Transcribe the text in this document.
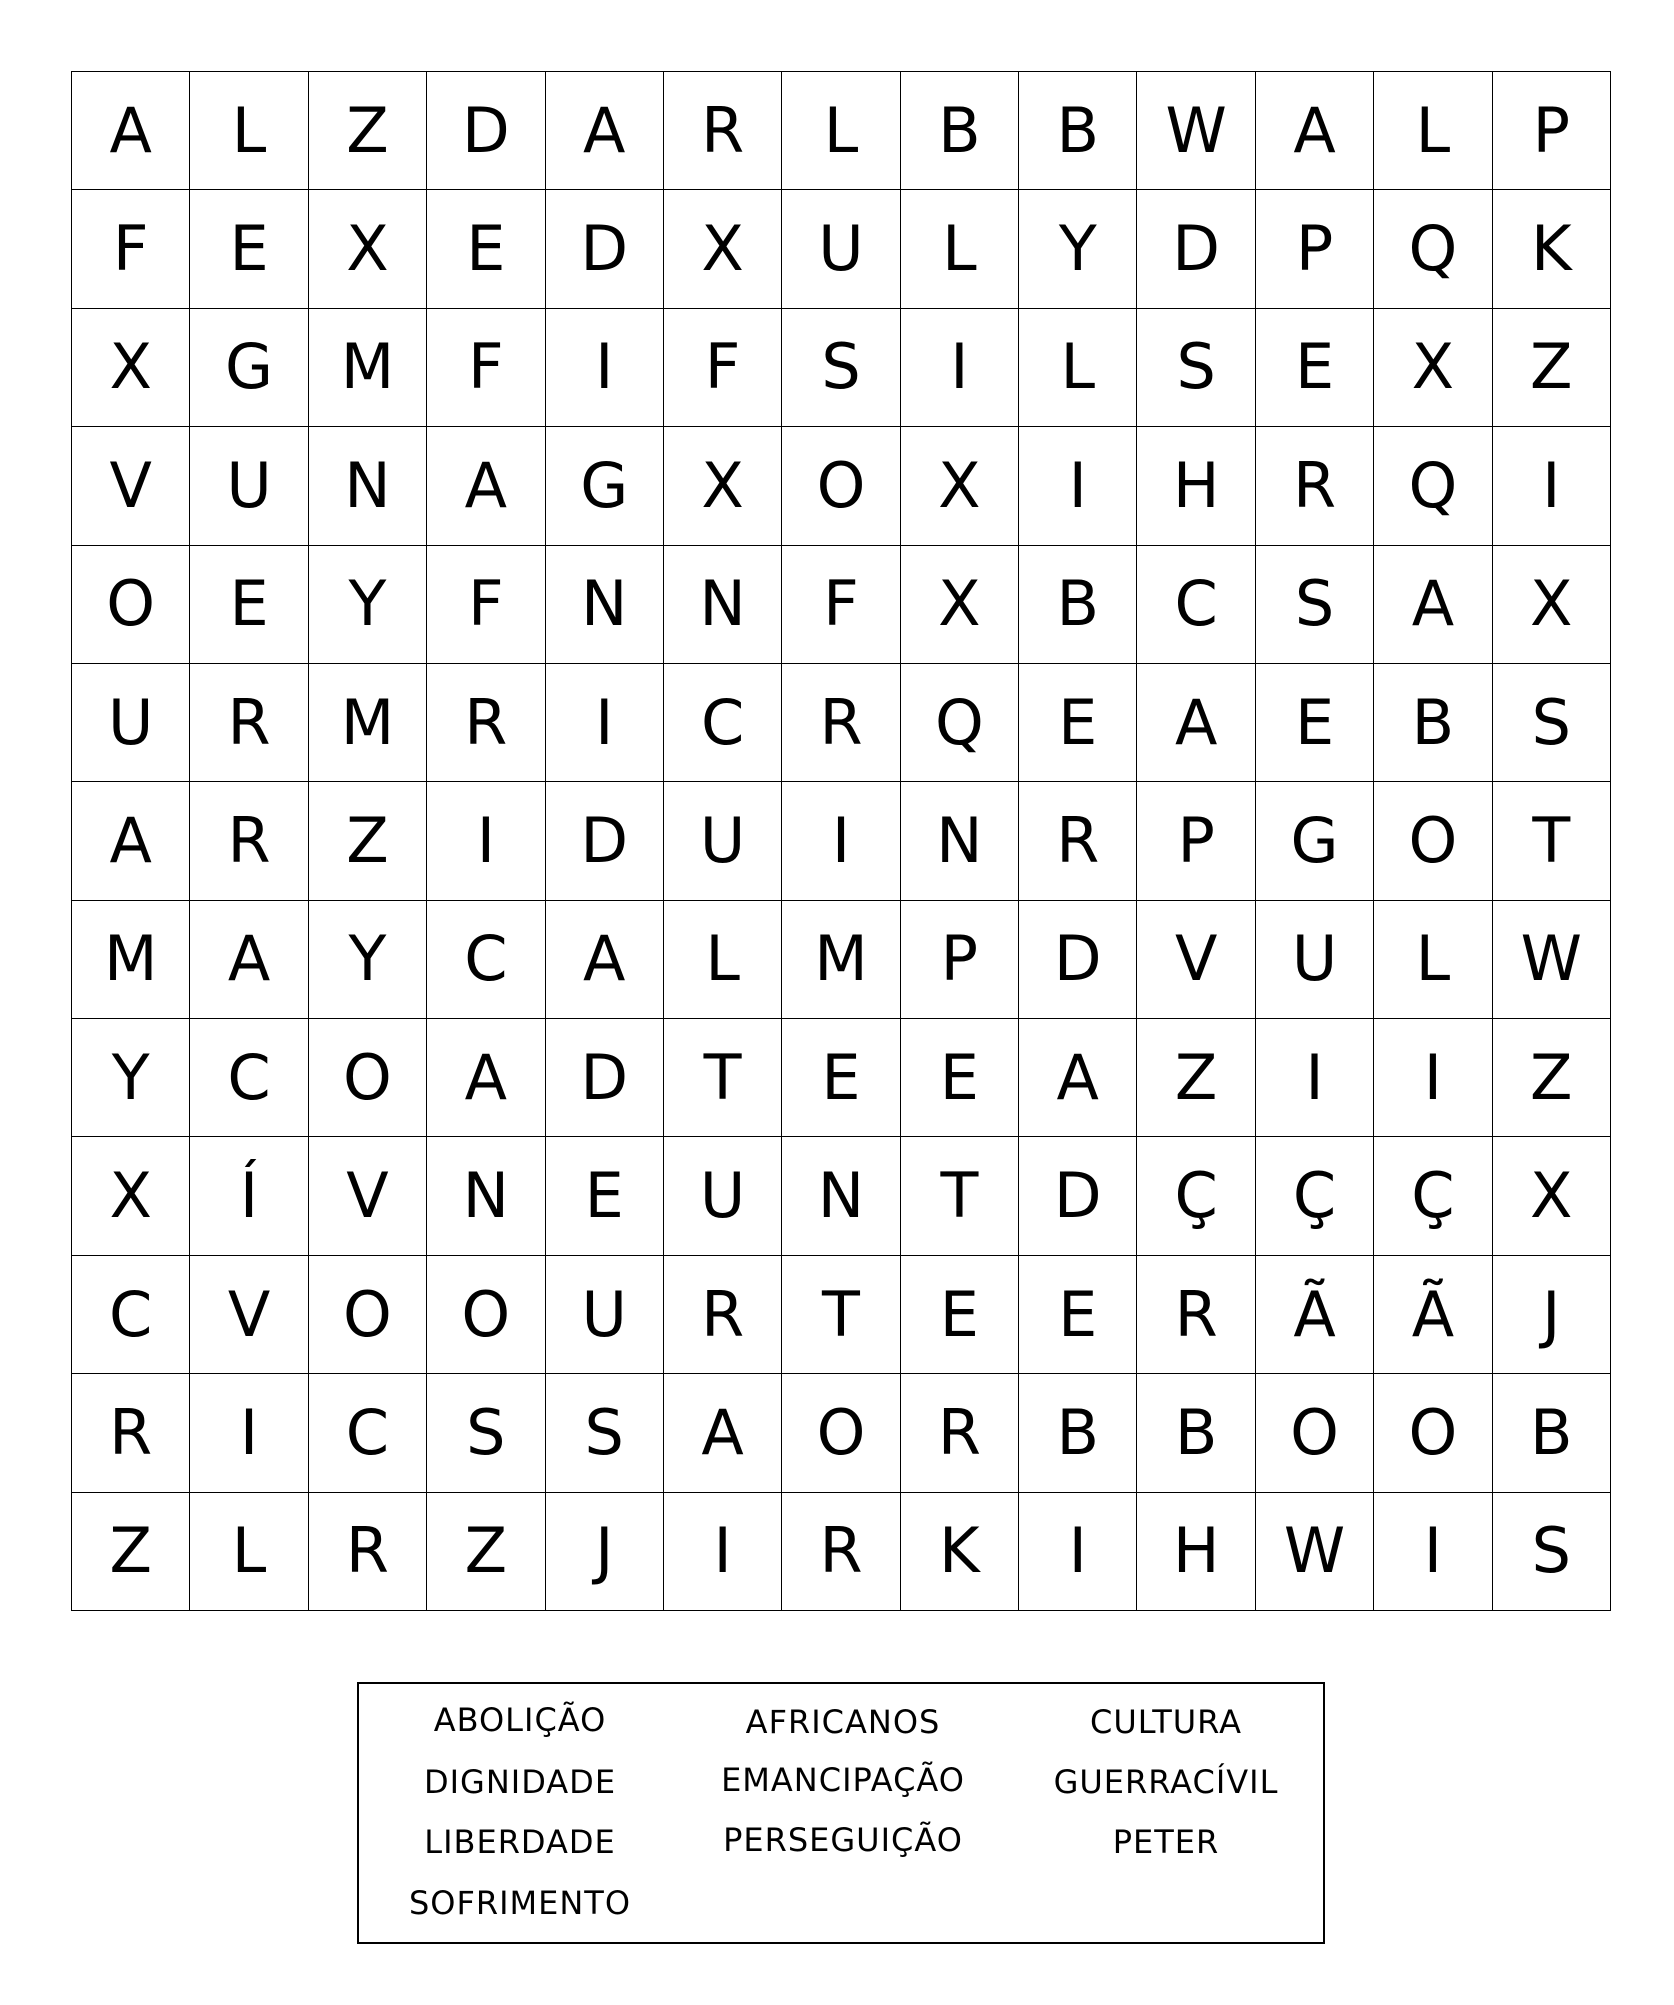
A	L	Z	D	A	R	L	B	B	W	A	L	P
F	E	X	E	D	X	U	L	Y	D	P	Q	K
X	G	M	F	I	F	S	I	L	S	E	X	Z
V	U	N	A	G	X	O	X	I	H	R	Q	I
O	E	Y	F	N	N	F	X	B	C	S	A	X
U	R	M	R	I	C	R	Q	E	A	E	B	S
A	R	Z	I	D	U	I	N	R	P	G	O	T
M	A	Y	C	A	L	M	P	D	V	U	L	W
Y	C	O	A	D	T	E	E	A	Z	I	I	Z
X	Í	V	N	E	U	N	T	D	Ç	Ç	Ç	X
C	V	O	O	U	R	T	E	E	R	Ã	Ã	J
R	I	C	S	S	A	O	R	B	B	O	O	B
Z	L	R	Z	J	I	R	K	I	H	W	I	S
ABOLIÇÃO
DIGNIDADE
LIBERDADE
SOFRIMENTO
AFRICANOS
EMANCIPAÇÃO
PERSEGUIÇÃO
CULTURA
GUERRACÍVIL
PETER
